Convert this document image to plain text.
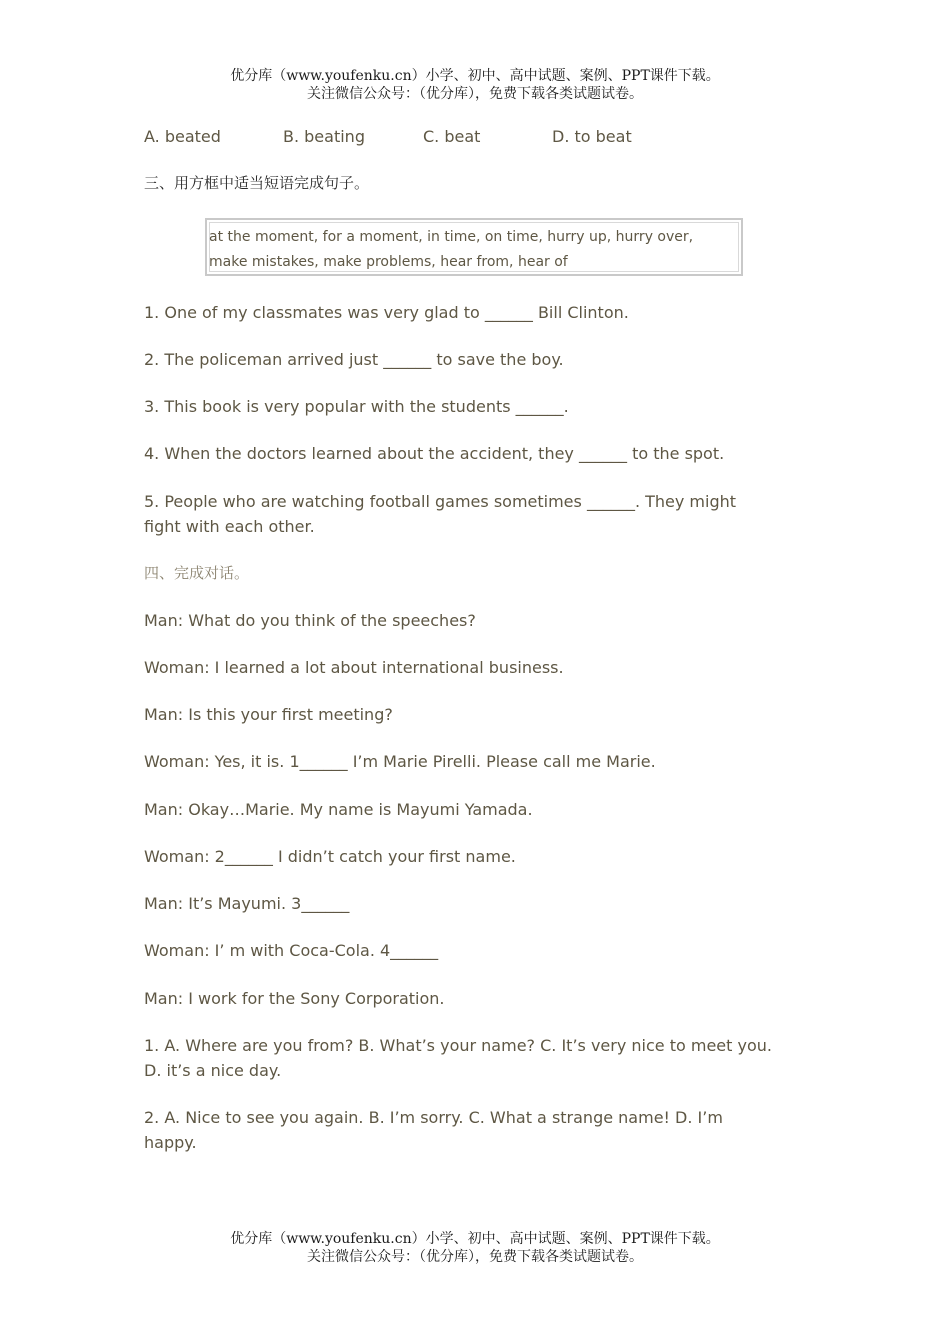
优分库（www.youfenku.cn）小学、初中、高中试题、案例、PPT课件下载。
关注微信公众号：（优分库），免费下载各类试题试卷。
A. beated	B. beating	C. beat	D. to beat
三、用方框中适当短语完成句子。
at the moment, for a moment, in time, on time, hurry up, hurry over,
make mistakes, make problems, hear from, hear of
1. One of my classmates was very glad to ______ Bill Clinton.
2. The policeman arrived just ______ to save the boy.
3. This book is very popular with the students ______.
4. When the doctors learned about the accident, they ______ to the spot.
5. People who are watching football games sometimes ______. They might
fight with each other.
四、完成对话。
Man: What do you think of the speeches?
Woman: I learned a lot about international business.
Man: Is this your first meeting?
Woman: Yes, it is. 1______ I’m Marie Pirelli. Please call me Marie.
Man: Okay…Marie. My name is Mayumi Yamada.
Woman: 2______ I didn’t catch your first name.
Man: It’s Mayumi. 3______
Woman: I’ m with Coca-Cola. 4______
Man: I work for the Sony Corporation.
1. A. Where are you from? B. What’s your name? C. It’s very nice to meet you.
D. it’s a nice day.
2. A. Nice to see you again. B. I’m sorry. C. What a strange name! D. I’m
happy.
优分库（www.youfenku.cn）小学、初中、高中试题、案例、PPT课件下载。
关注微信公众号：（优分库），免费下载各类试题试卷。
